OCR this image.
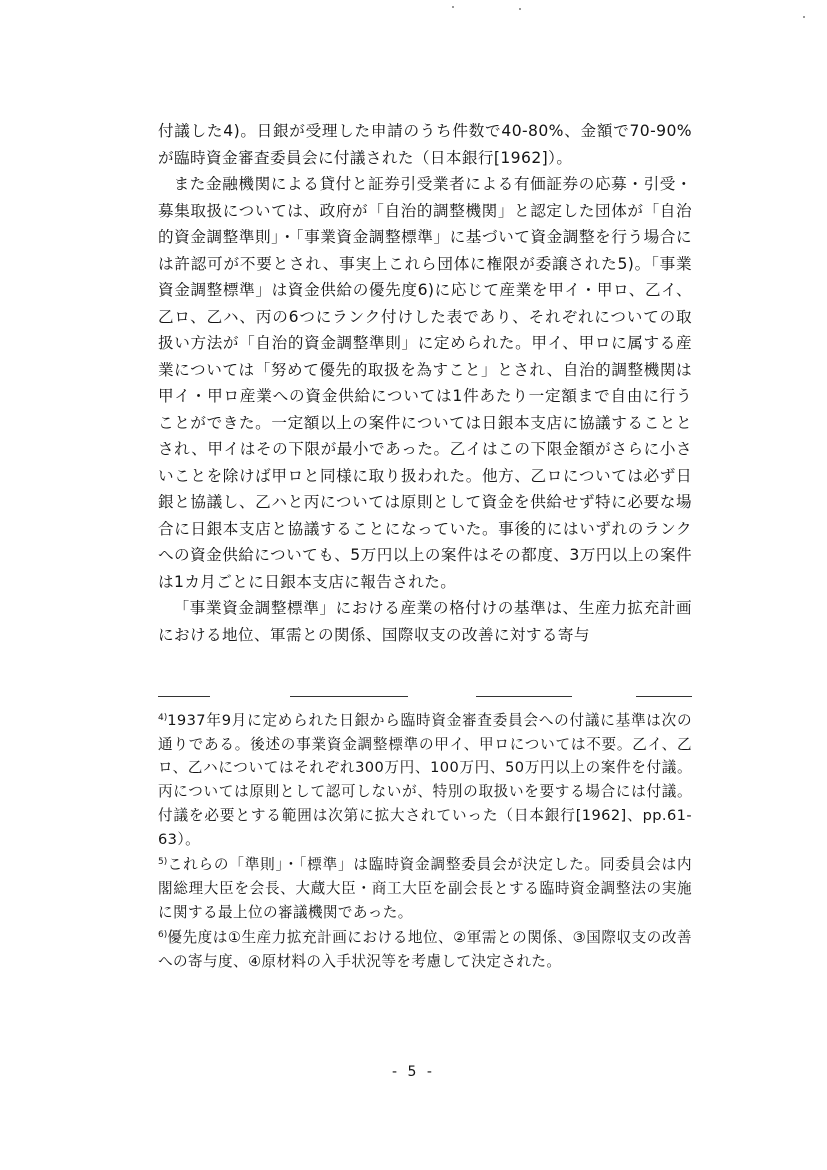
付議した4)。日銀が受理した申請のうち件数で40-80%、金額で70-90%が臨時資金審査委員会に付議された（日本銀行[1962]）。

また金融機関による貸付と証券引受業者による有価証券の応募・引受・募集取扱については、政府が「自治的調整機関」と認定した団体が「自治的資金調整準則」・「事業資金調整標準」に基づいて資金調整を行う場合には許認可が不要とされ、事実上これら団体に権限が委譲された5)。「事業資金調整標準」は資金供給の優先度6)に応じて産業を甲イ・甲ロ、乙イ、乙ロ、乙ハ、丙の6つにランク付けした表であり、それぞれについての取扱い方法が「自治的資金調整準則」に定められた。甲イ、甲ロに属する産業については「努めて優先的取扱を為すこと」とされ、自治的調整機関は甲イ・甲ロ産業への資金供給については1件あたり一定額まで自由に行うことができた。一定額以上の案件については日銀本支店に協議することとされ、甲イはその下限が最小であった。乙イはこの下限金額がさらに小さいことを除けば甲ロと同様に取り扱われた。他方、乙ロについては必ず日銀と協議し、乙ハと丙については原則として資金を供給せず特に必要な場合に日銀本支店と協議することになっていた。事後的にはいずれのランクへの資金供給についても、5万円以上の案件はその都度、3万円以上の案件は1カ月ごとに日銀本支店に報告された。

「事業資金調整標準」における産業の格付けの基準は、生産力拡充計画における地位、軍需との関係、国際収支の改善に対する寄与

$^{4)}$1937年9月に定められた日銀から臨時資金審査委員会への付議に基準は次の通りである。後述の事業資金調整標準の甲イ、甲ロについては不要。乙イ、乙ロ、乙ハについてはそれぞれ300万円、100万円、50万円以上の案件を付議。丙については原則として認可しないが、特別の取扱いを要する場合には付議。付議を必要とする範囲は次第に拡大されていった（日本銀行[1962]、pp.61-63）。

$^{5)}$これらの「準則」・「標準」は臨時資金調整委員会が決定した。同委員会は内閣総理大臣を会長、大蔵大臣・商工大臣を副会長とする臨時資金調整法の実施に関する最上位の審議機関であった。

$^{6)}$優先度は①生産力拡充計画における地位、②軍需との関係、③国際収支の改善への寄与度、④原材料の入手状況等を考慮して決定された。

- 5 -
